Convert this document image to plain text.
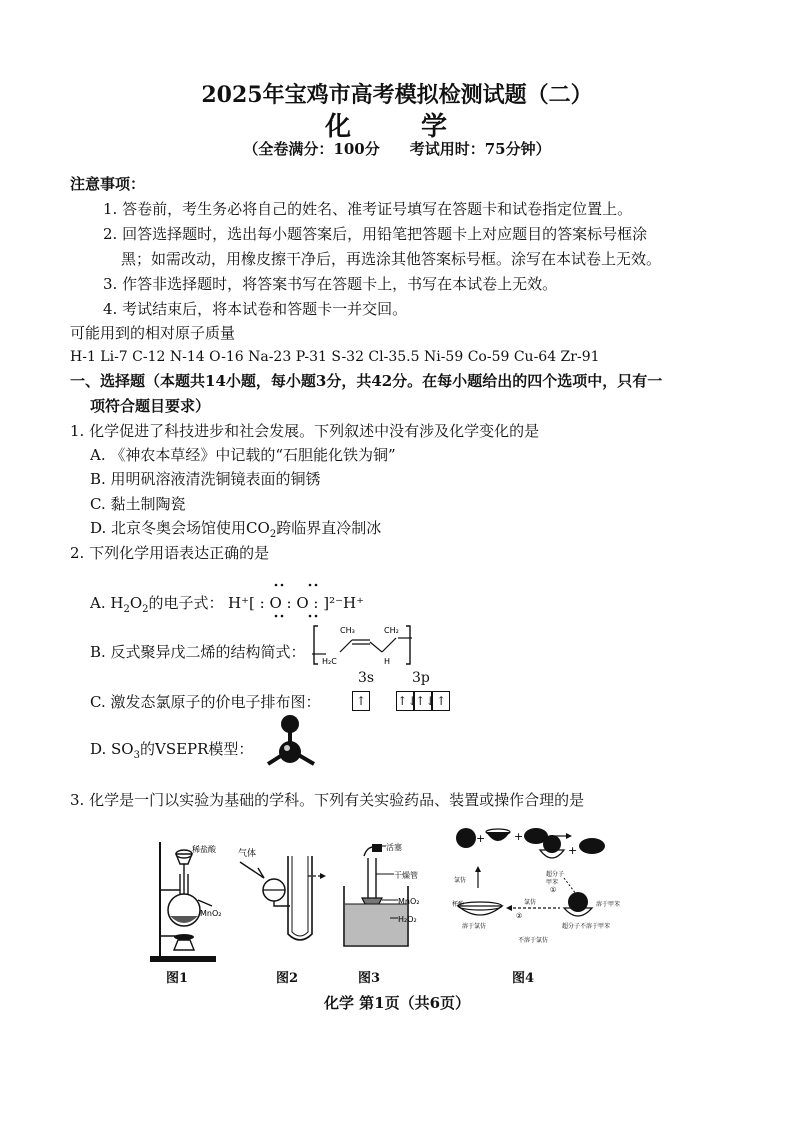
2025年宝鸡市高考模拟检测试题（二）
化　学
（全卷满分：100分　　考试用时：75分钟）
注意事项：
1. 答卷前，考生务必将自己的姓名、准考证号填写在答题卡和试卷指定位置上。
2. 回答选择题时，选出每小题答案后，用铅笔把答题卡上对应题目的答案标号框涂
黑；如需改动，用橡皮擦干净后，再选涂其他答案标号框。涂写在本试卷上无效。
3. 作答非选择题时，将答案书写在答题卡上，书写在本试卷上无效。
4. 考试结束后，将本试卷和答题卡一并交回。
可能用到的相对原子质量
H-1 Li-7 C-12 N-14 O-16 Na-23 P-31 S-32 Cl-35.5 Ni-59 Co-59 Cu-64 Zr-91
一、选择题（本题共14小题，每小题3分，共42分。在每小题给出的四个选项中，只有一
项符合题目要求）
1. 化学促进了科技进步和社会发展。下列叙述中没有涉及化学变化的是
A. 《神农本草经》中记载的“石胆能化铁为铜”
B. 用明矾溶液清洗铜镜表面的铜锈
C. 黏土制陶瓷
D. 北京冬奥会场馆使用$CO_2$跨临界直冷制冰
2. 下列化学用语表达正确的是
A. $H_2O_2$的电子式： H⁺[ : O : O : ]²⁻H⁺
B. 反式聚异戊二烯的结构简式：
CH₃	CH₂
H₂C	H
3s	3p
C. 激发态氯原子的价电子排布图：	↑	↑↓↑↓↑
D. $SO_3$的VSEPR模型：
3. 化学是一门以实验为基础的学科。下列有关实验药品、装置或操作合理的是
稀盐酸
MnO₂
图1
气体
图2
活塞
干燥管
MnO₂
H₂O₂
图3
+	+
+
氯仿
超分子
甲苯
①
杯酚
溶于氯仿
氯仿
②
不溶于氯仿
溶于甲苯
超分子不溶于甲苯
图4
化学 第1页（共6页）
